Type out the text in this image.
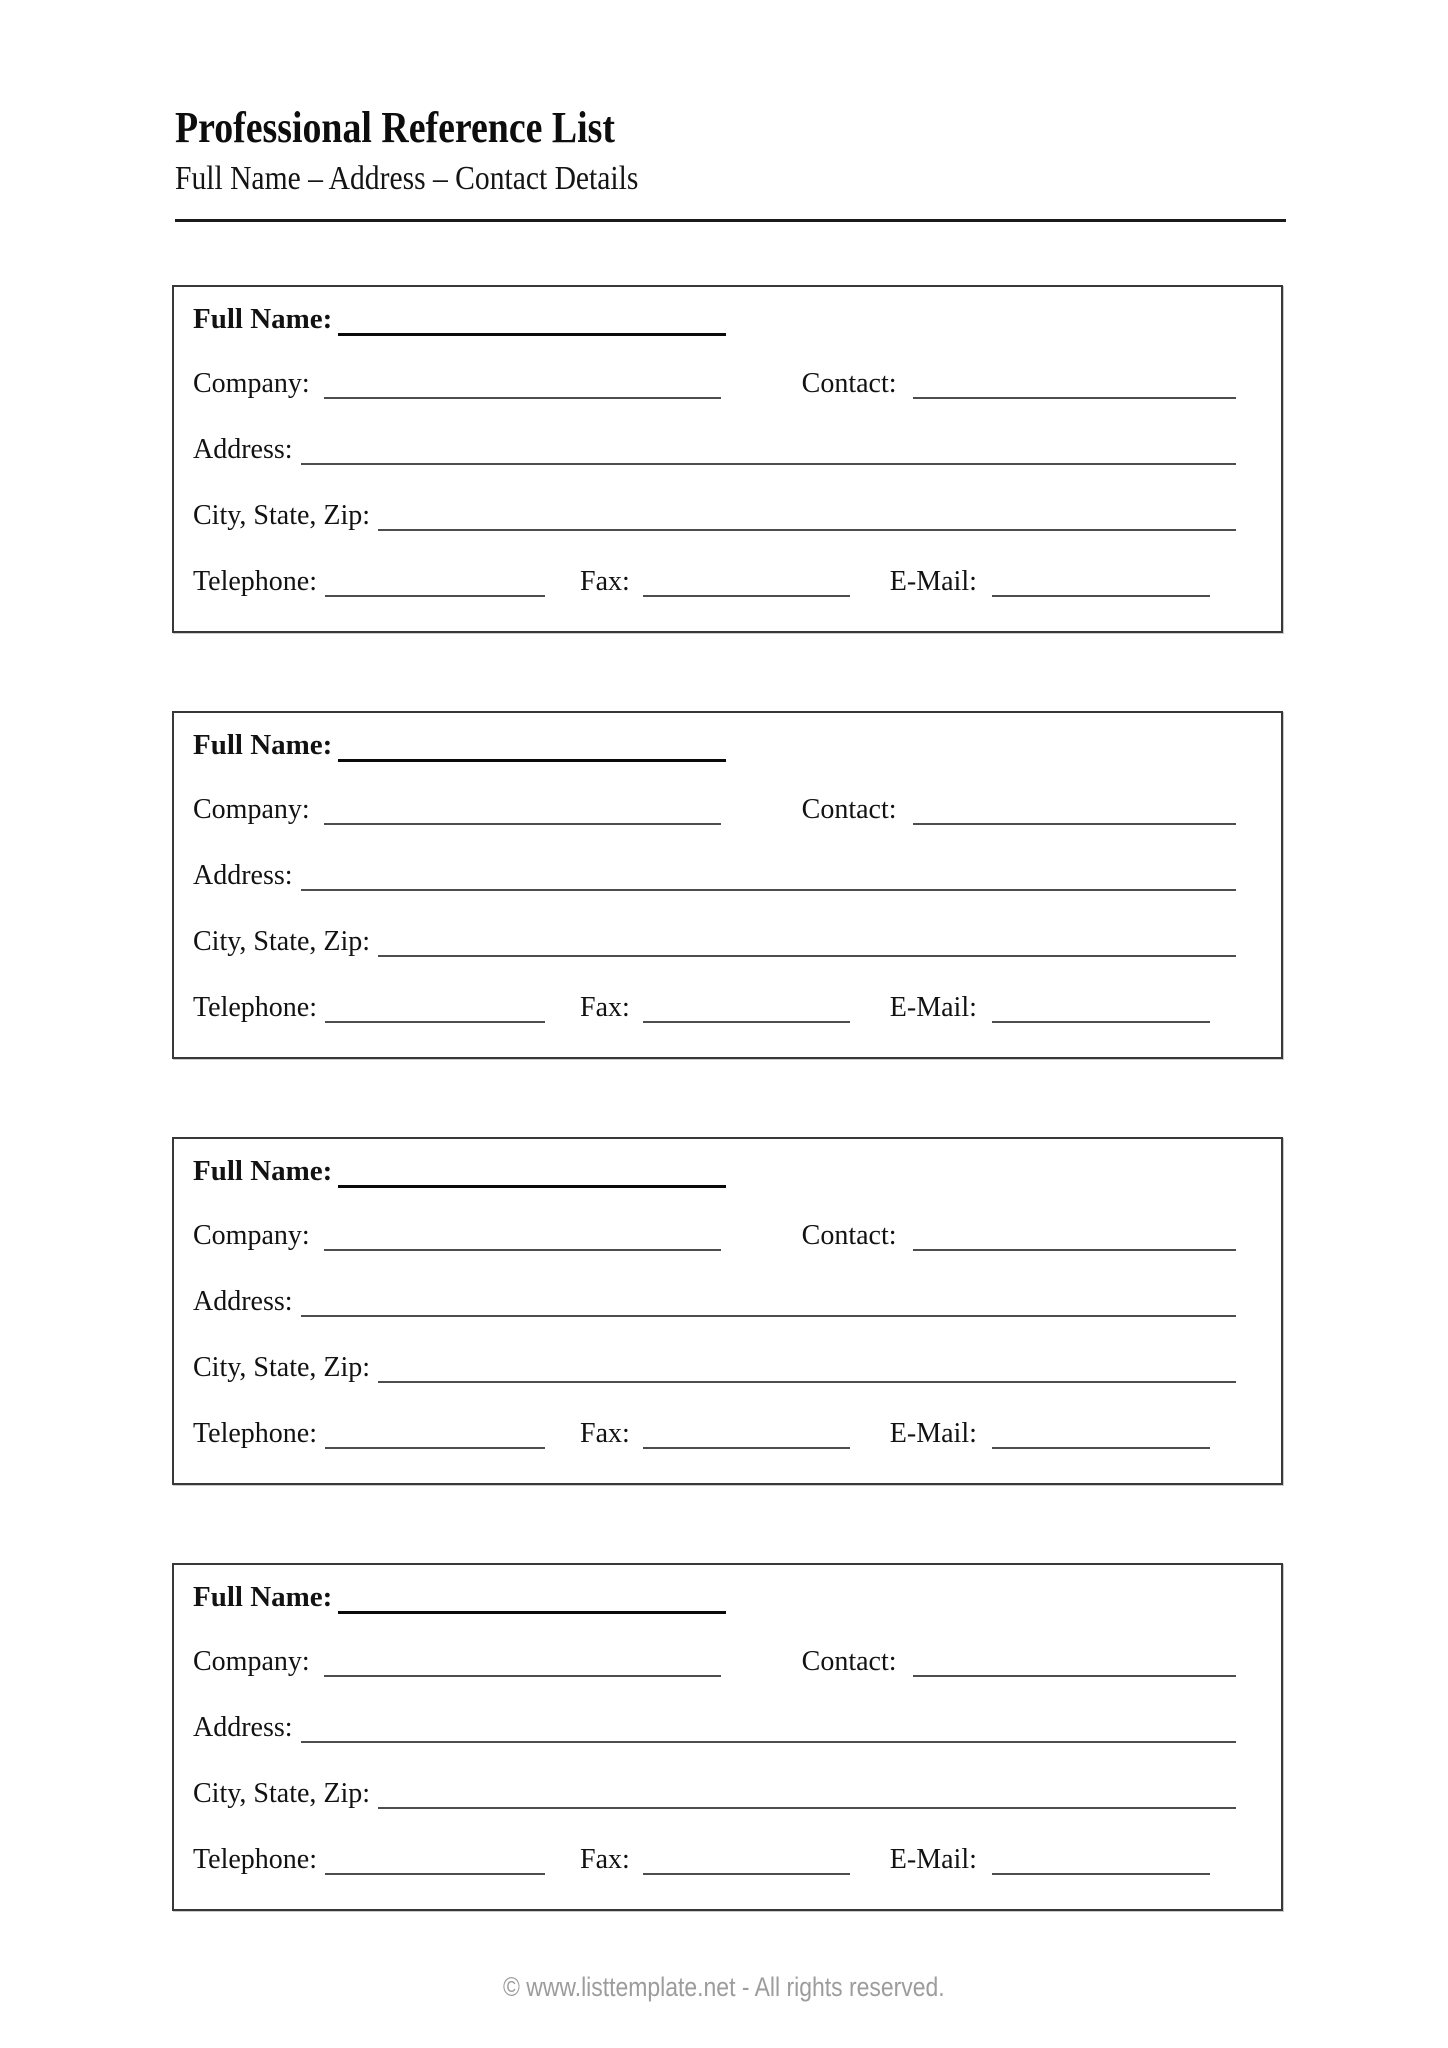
Professional Reference List
Full Name – Address – Contact Details
Full Name:
Company:	Contact:
Address:
City, State, Zip:
Telephone:	Fax:	E-Mail:
Full Name:
Company:	Contact:
Address:
City, State, Zip:
Telephone:	Fax:	E-Mail:
Full Name:
Company:	Contact:
Address:
City, State, Zip:
Telephone:	Fax:	E-Mail:
Full Name:
Company:	Contact:
Address:
City, State, Zip:
Telephone:	Fax:	E-Mail:
© www.listtemplate.net - All rights reserved.
